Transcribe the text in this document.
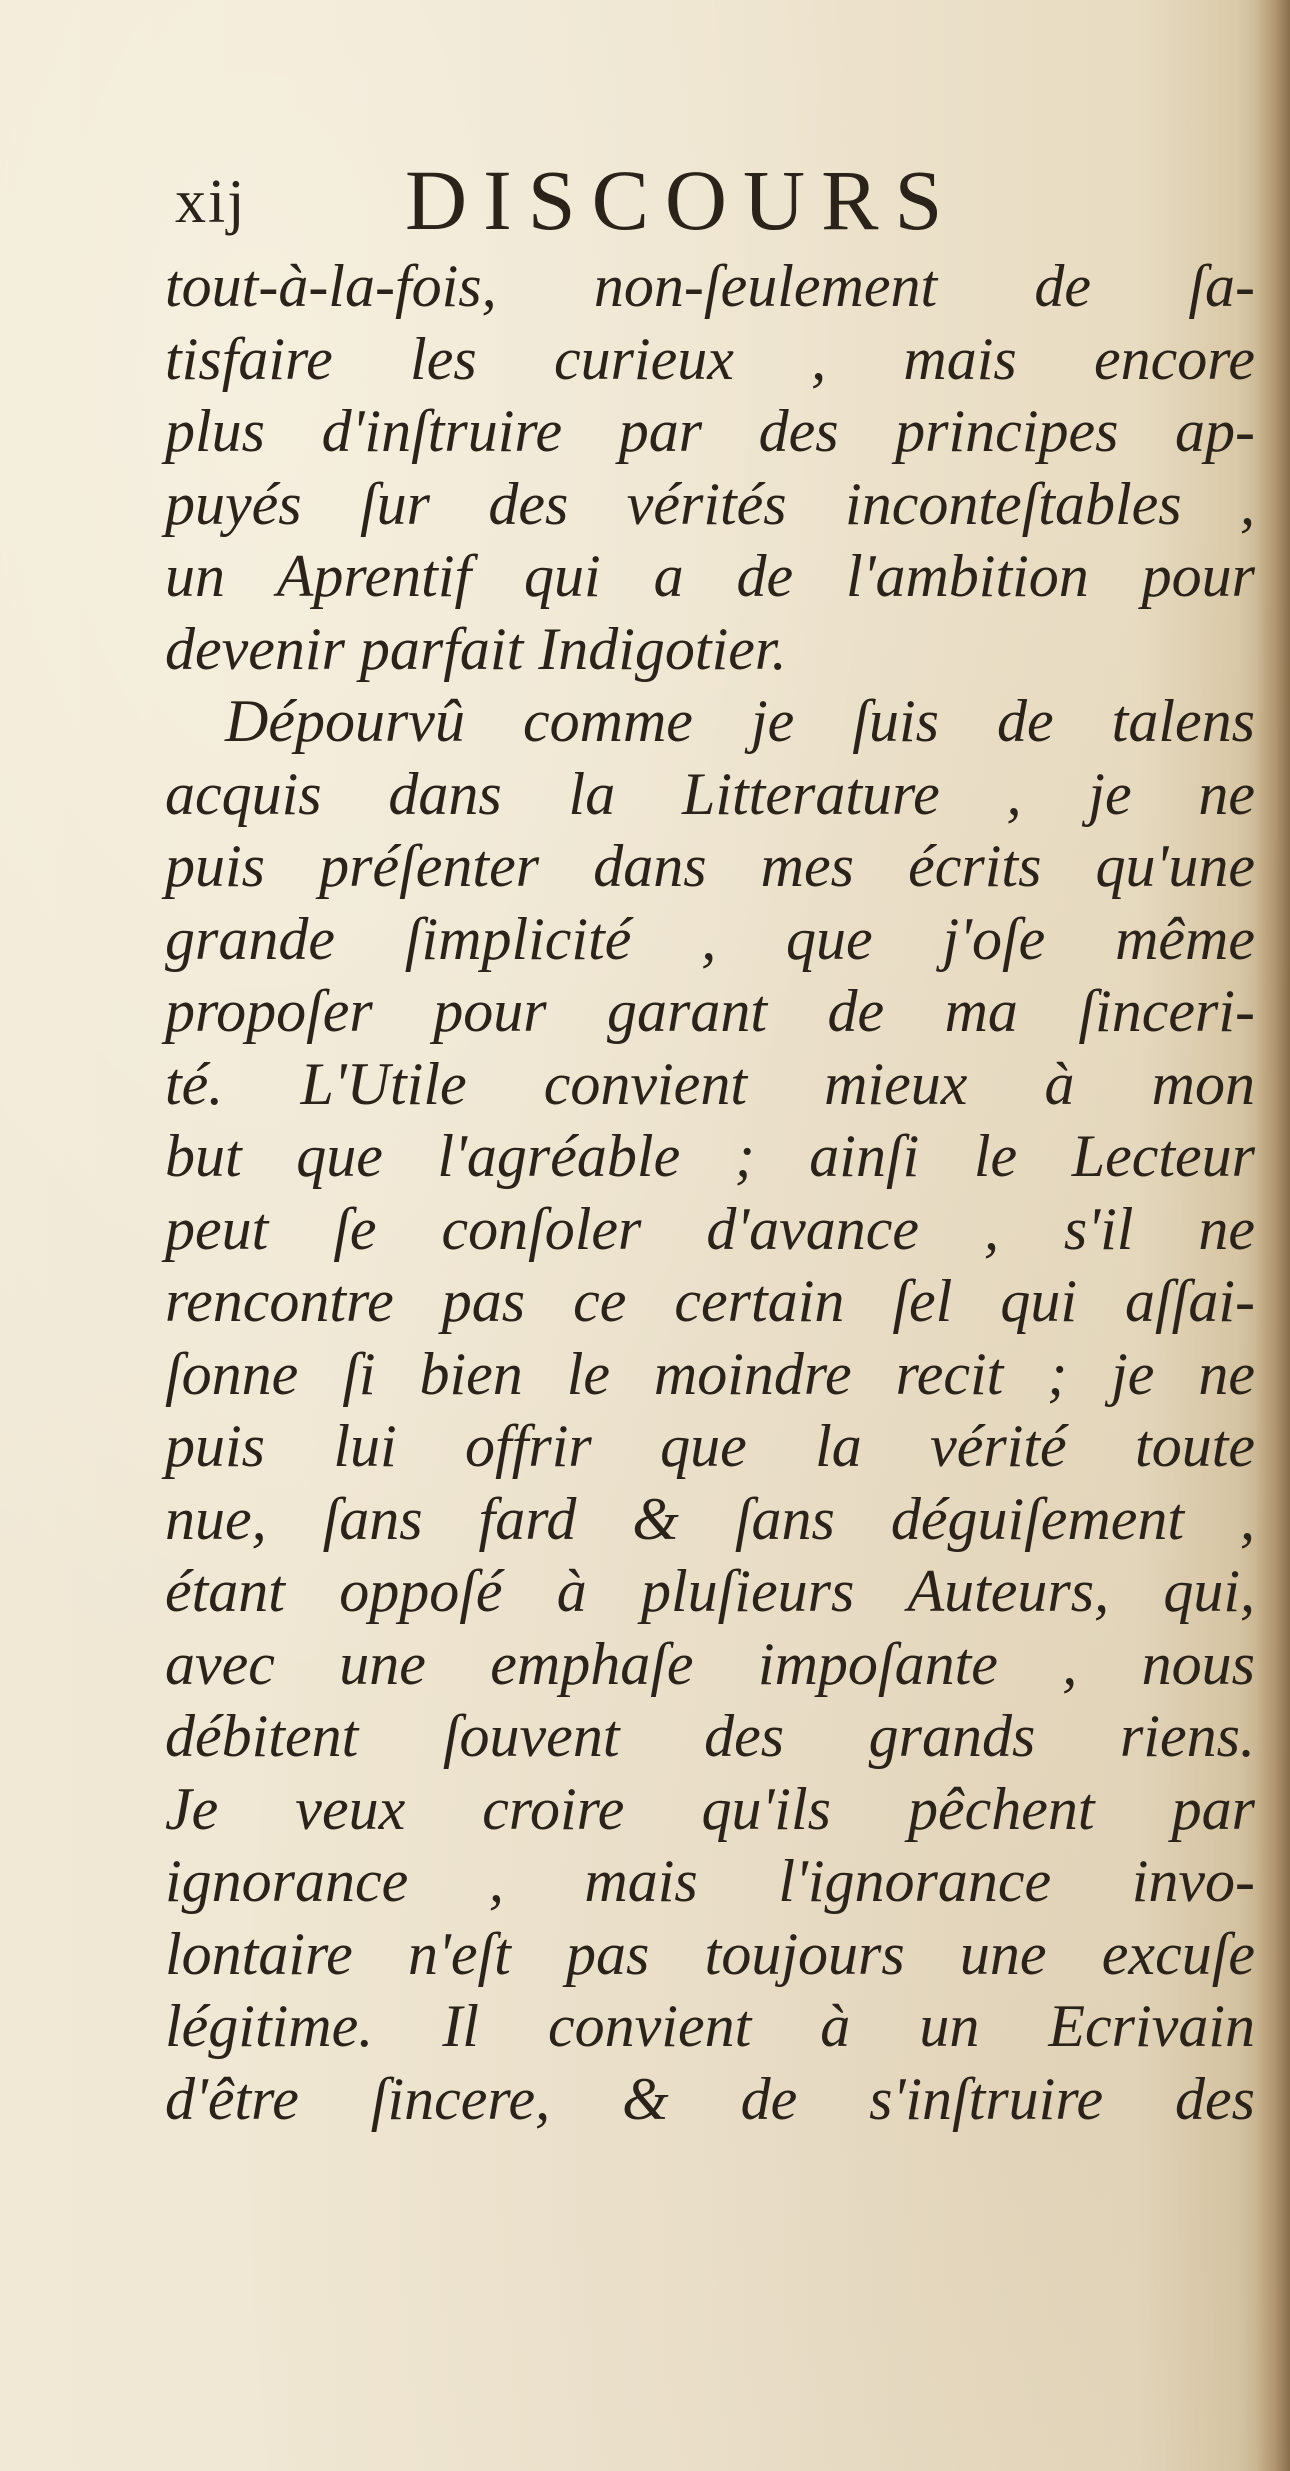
xij DISCOURS
tout-à-la-fois, non-ſeulement de ſa-
tisfaire les curieux , mais encore
plus d'inſtruire par des principes ap-
puyés ſur des vérités inconteſtables ,
un Aprentif qui a de l'ambition pour
devenir parfait Indigotier.
Dépourvû comme je ſuis de talens
acquis dans la Litterature , je ne
puis préſenter dans mes écrits qu'une
grande ſimplicité , que j'oſe même
propoſer pour garant de ma ſinceri-
té. L'Utile convient mieux à mon
but que l'agréable ; ainſi le Lecteur
peut ſe conſoler d'avance , s'il ne
rencontre pas ce certain ſel qui aſſai-
ſonne ſi bien le moindre recit ; je ne
puis lui offrir que la vérité toute
nue, ſans fard & ſans déguiſement ,
étant oppoſé à pluſieurs Auteurs, qui,
avec une emphaſe impoſante , nous
débitent ſouvent des grands riens.
Je veux croire qu'ils pêchent par
ignorance , mais l'ignorance invo-
lontaire n'eſt pas toujours une excuſe
légitime. Il convient à un Ecrivain
d'être ſincere, & de s'inſtruire des
